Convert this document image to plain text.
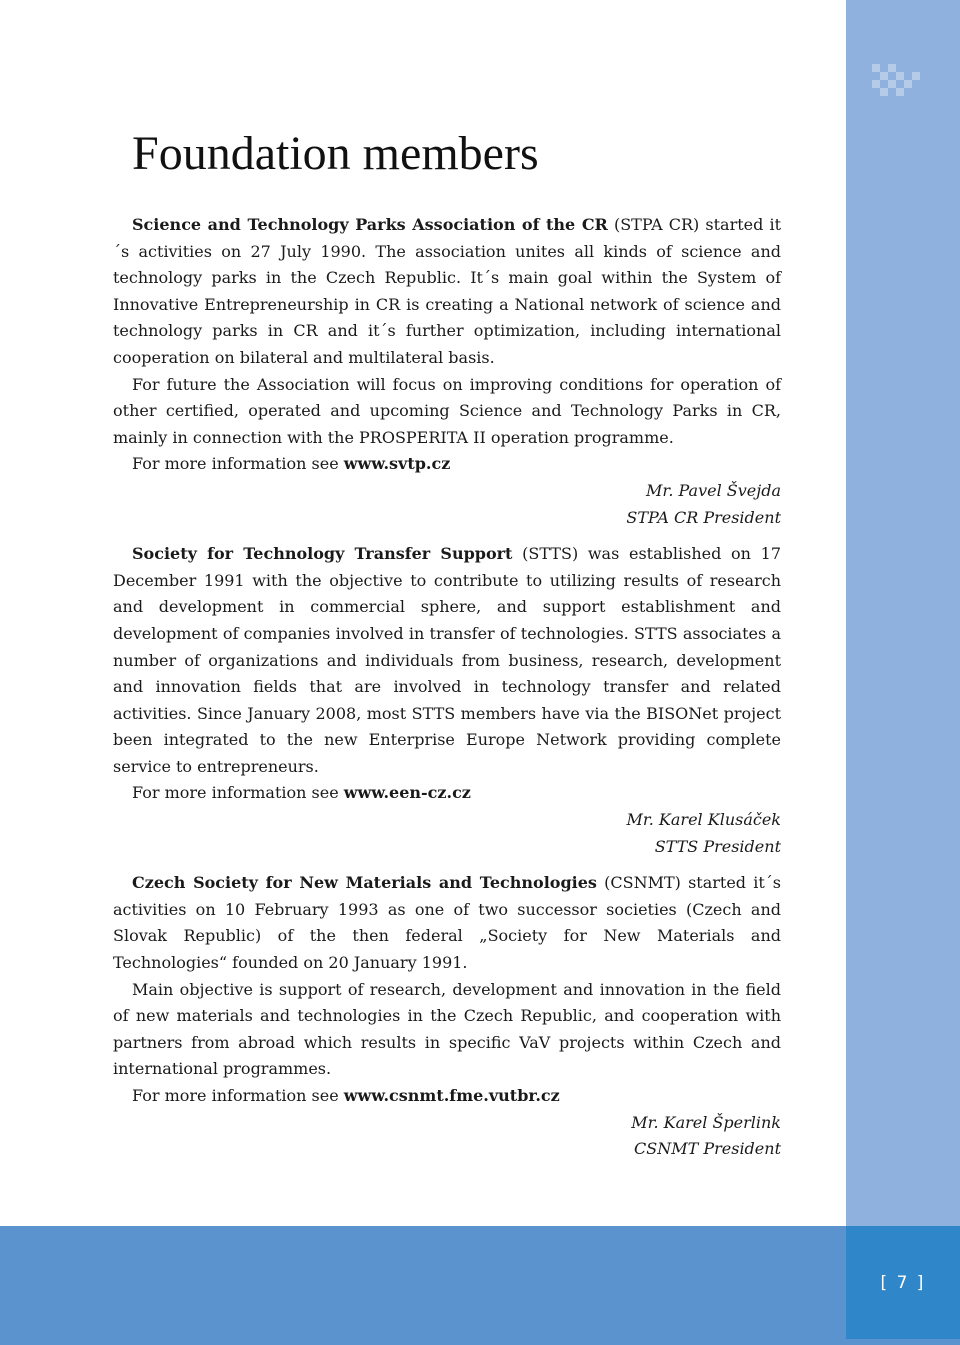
[ 7 ]
Foundation members

Science and Technology Parks Association of the CR (STPA CR) started it´s activities on 27 July 1990. The association unites all kinds of science and technology parks in the Czech Republic. It´s main goal within the System of Innovative Entrepreneurship in CR is creating a National network of science and technology parks in CR and it´s further optimization, including international cooperation on bilateral and multilateral basis.

For future the Association will focus on improving conditions for operation of other certified, operated and upcoming Science and Technology Parks in CR, mainly in connection with the PROSPERITA II operation programme.

For more information see www.svtp.cz

Mr. Pavel Švejda
STPA CR President

Society for Technology Transfer Support (STTS) was established on 17 December 1991 with the objective to contribute to utilizing results of research and development in commercial sphere, and support establishment and development of companies involved in transfer of technologies. STTS associates a number of organizations and individuals from business, research, development and innovation fields that are involved in technology transfer and related activities. Since January 2008, most STTS members have via the BISONet project been integrated to the new Enterprise Europe Network providing complete service to entrepreneurs.

For more information see www.een-cz.cz

Mr. Karel Klusáček
STTS President

Czech Society for New Materials and Technologies (CSNMT) started it´s activities on 10 February 1993 as one of two successor societies (Czech and Slovak Republic) of the then federal „Society for New Materials and Technologies“ founded on 20 January 1991.

Main objective is support of research, development and innovation in the field of new materials and technologies in the Czech Republic, and cooperation with partners from abroad which results in specific VaV projects within Czech and international programmes.

For more information see www.csnmt.fme.vutbr.cz

Mr. Karel Šperlink
CSNMT President
